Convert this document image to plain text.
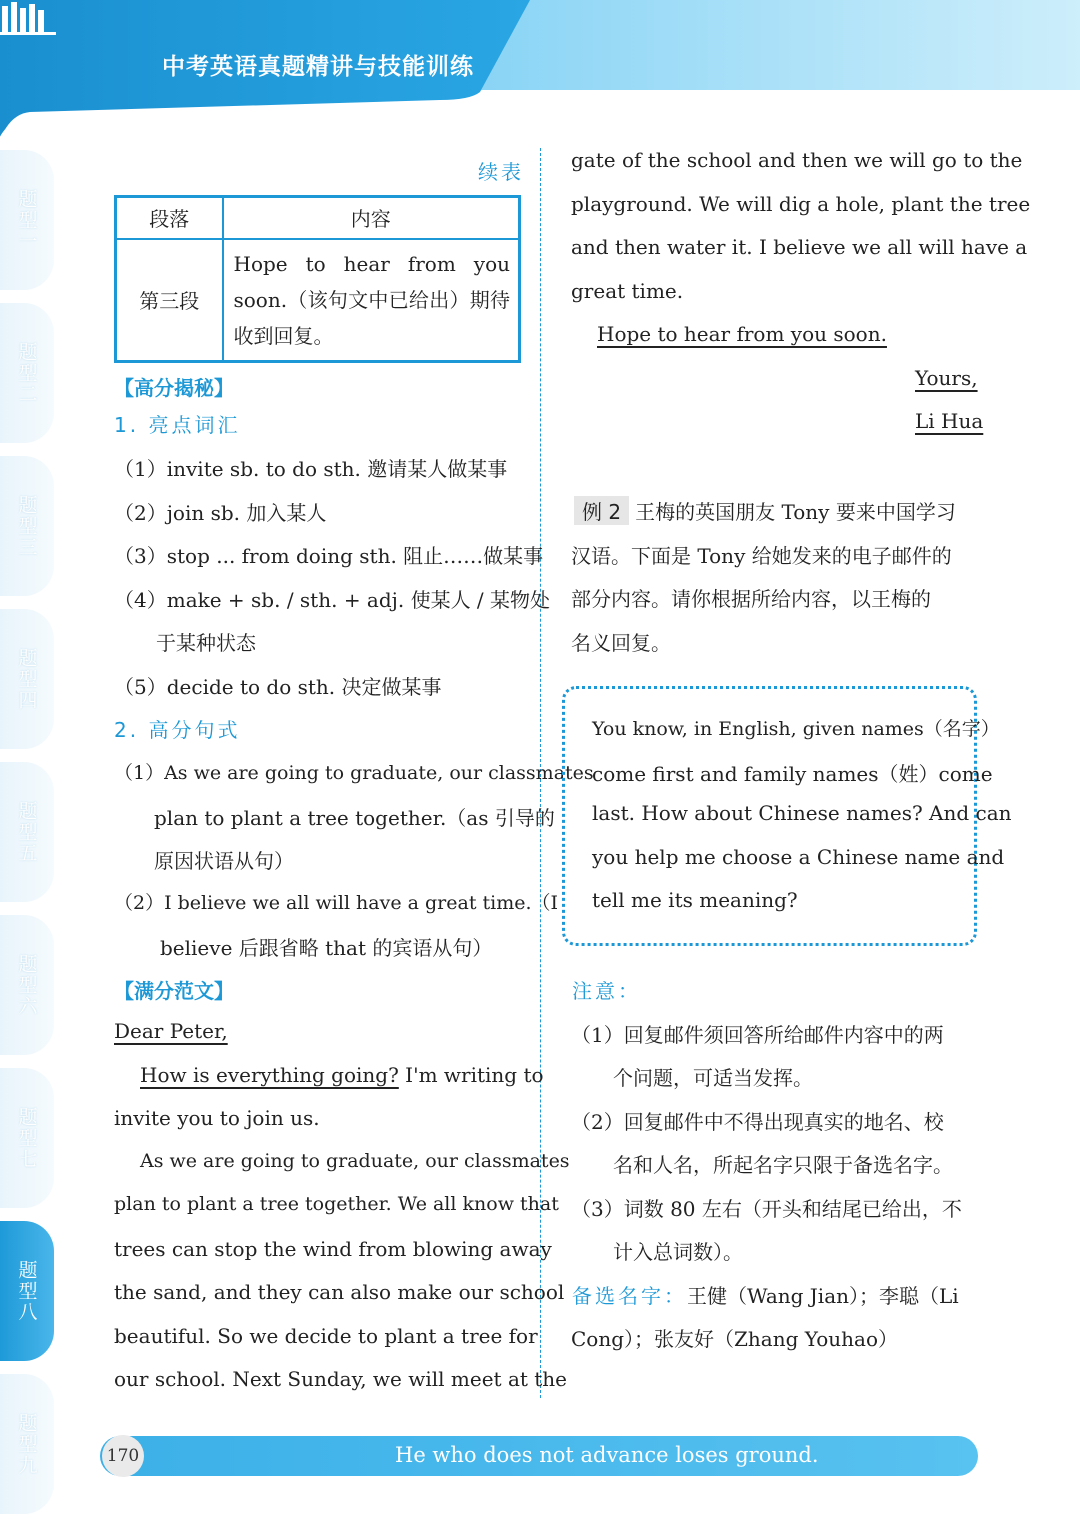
中考英语真题精讲与技能训练
题型一
题型二
题型三
题型四
题型五
题型六
题型七
题型八
题型九
续表
段落	内容
第三段	Hope to hear from you soon.（该句文中已给出）期待收到回复。
【高分揭秘】
1. 亮点词汇
（1）invite sb. to do sth. 邀请某人做某事
（2）join sb. 加入某人
（3）stop ... from doing sth. 阻止……做某事
（4）make + sb. / sth. + adj. 使某人 / 某物处
于某种状态
（5）decide to do sth. 决定做某事
2. 高分句式
（1）As we are going to graduate, our classmates
plan to plant a tree together.（as 引导的
原因状语从句）
（2）I believe we all will have a great time.（I
believe 后跟省略 that 的宾语从句）
【满分范文】
Dear Peter,
How is everything going? I'm writing to
invite you to join us.
As we are going to graduate, our classmates
plan to plant a tree together. We all know that
trees can stop the wind from blowing away
the sand, and they can also make our school
beautiful. So we decide to plant a tree for
our school. Next Sunday, we will meet at the
gate of the school and then we will go to the
playground. We will dig a hole, plant the tree
and then water it. I believe we all will have a
great time.
Hope to hear from you soon.
Yours,
Li Hua
例 2 王梅的英国朋友 Tony 要来中国学习
汉语。下面是 Tony 给她发来的电子邮件的
部分内容。请你根据所给内容，以王梅的
名义回复。
You know, in English, given names（名字）
come first and family names（姓）come
last. How about Chinese names? And can
you help me choose a Chinese name and
tell me its meaning?
注意：
（1）回复邮件须回答所给邮件内容中的两
个问题，可适当发挥。
（2）回复邮件中不得出现真实的地名、校
名和人名，所起名字只限于备选名字。
（3）词数 80 左右（开头和结尾已给出，不
计入总词数）。
备选名字：王健（Wang Jian）；李聪（Li
Cong）；张友好（Zhang Youhao）
170	He who does not advance loses ground.
